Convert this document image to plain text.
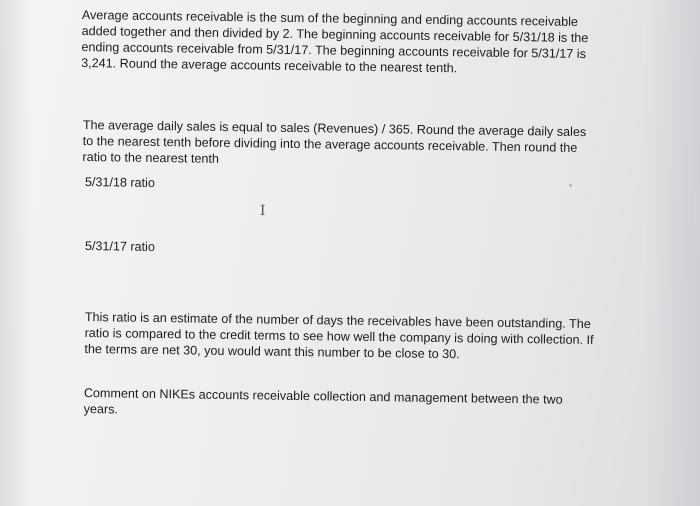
Average accounts receivable is the sum of the beginning and ending accounts receivable added together and then divided by 2. The beginning accounts receivable for 5/31/18 is the ending accounts receivable from 5/31/17. The beginning accounts receivable for 5/31/17 is 3,241. Round the average accounts receivable to the nearest tenth.

The average daily sales is equal to sales (Revenues) / 365. Round the average daily sales to the nearest tenth before dividing into the average accounts receivable. Then round the ratio to the nearest tenth

5/31/18 ratio

I

5/31/17 ratio

This ratio is an estimate of the number of days the receivables have been outstanding. The ratio is compared to the credit terms to see how well the company is doing with collection. If the terms are net 30, you would want this number to be close to 30.

Comment on NIKEs accounts receivable collection and management between the two years.
